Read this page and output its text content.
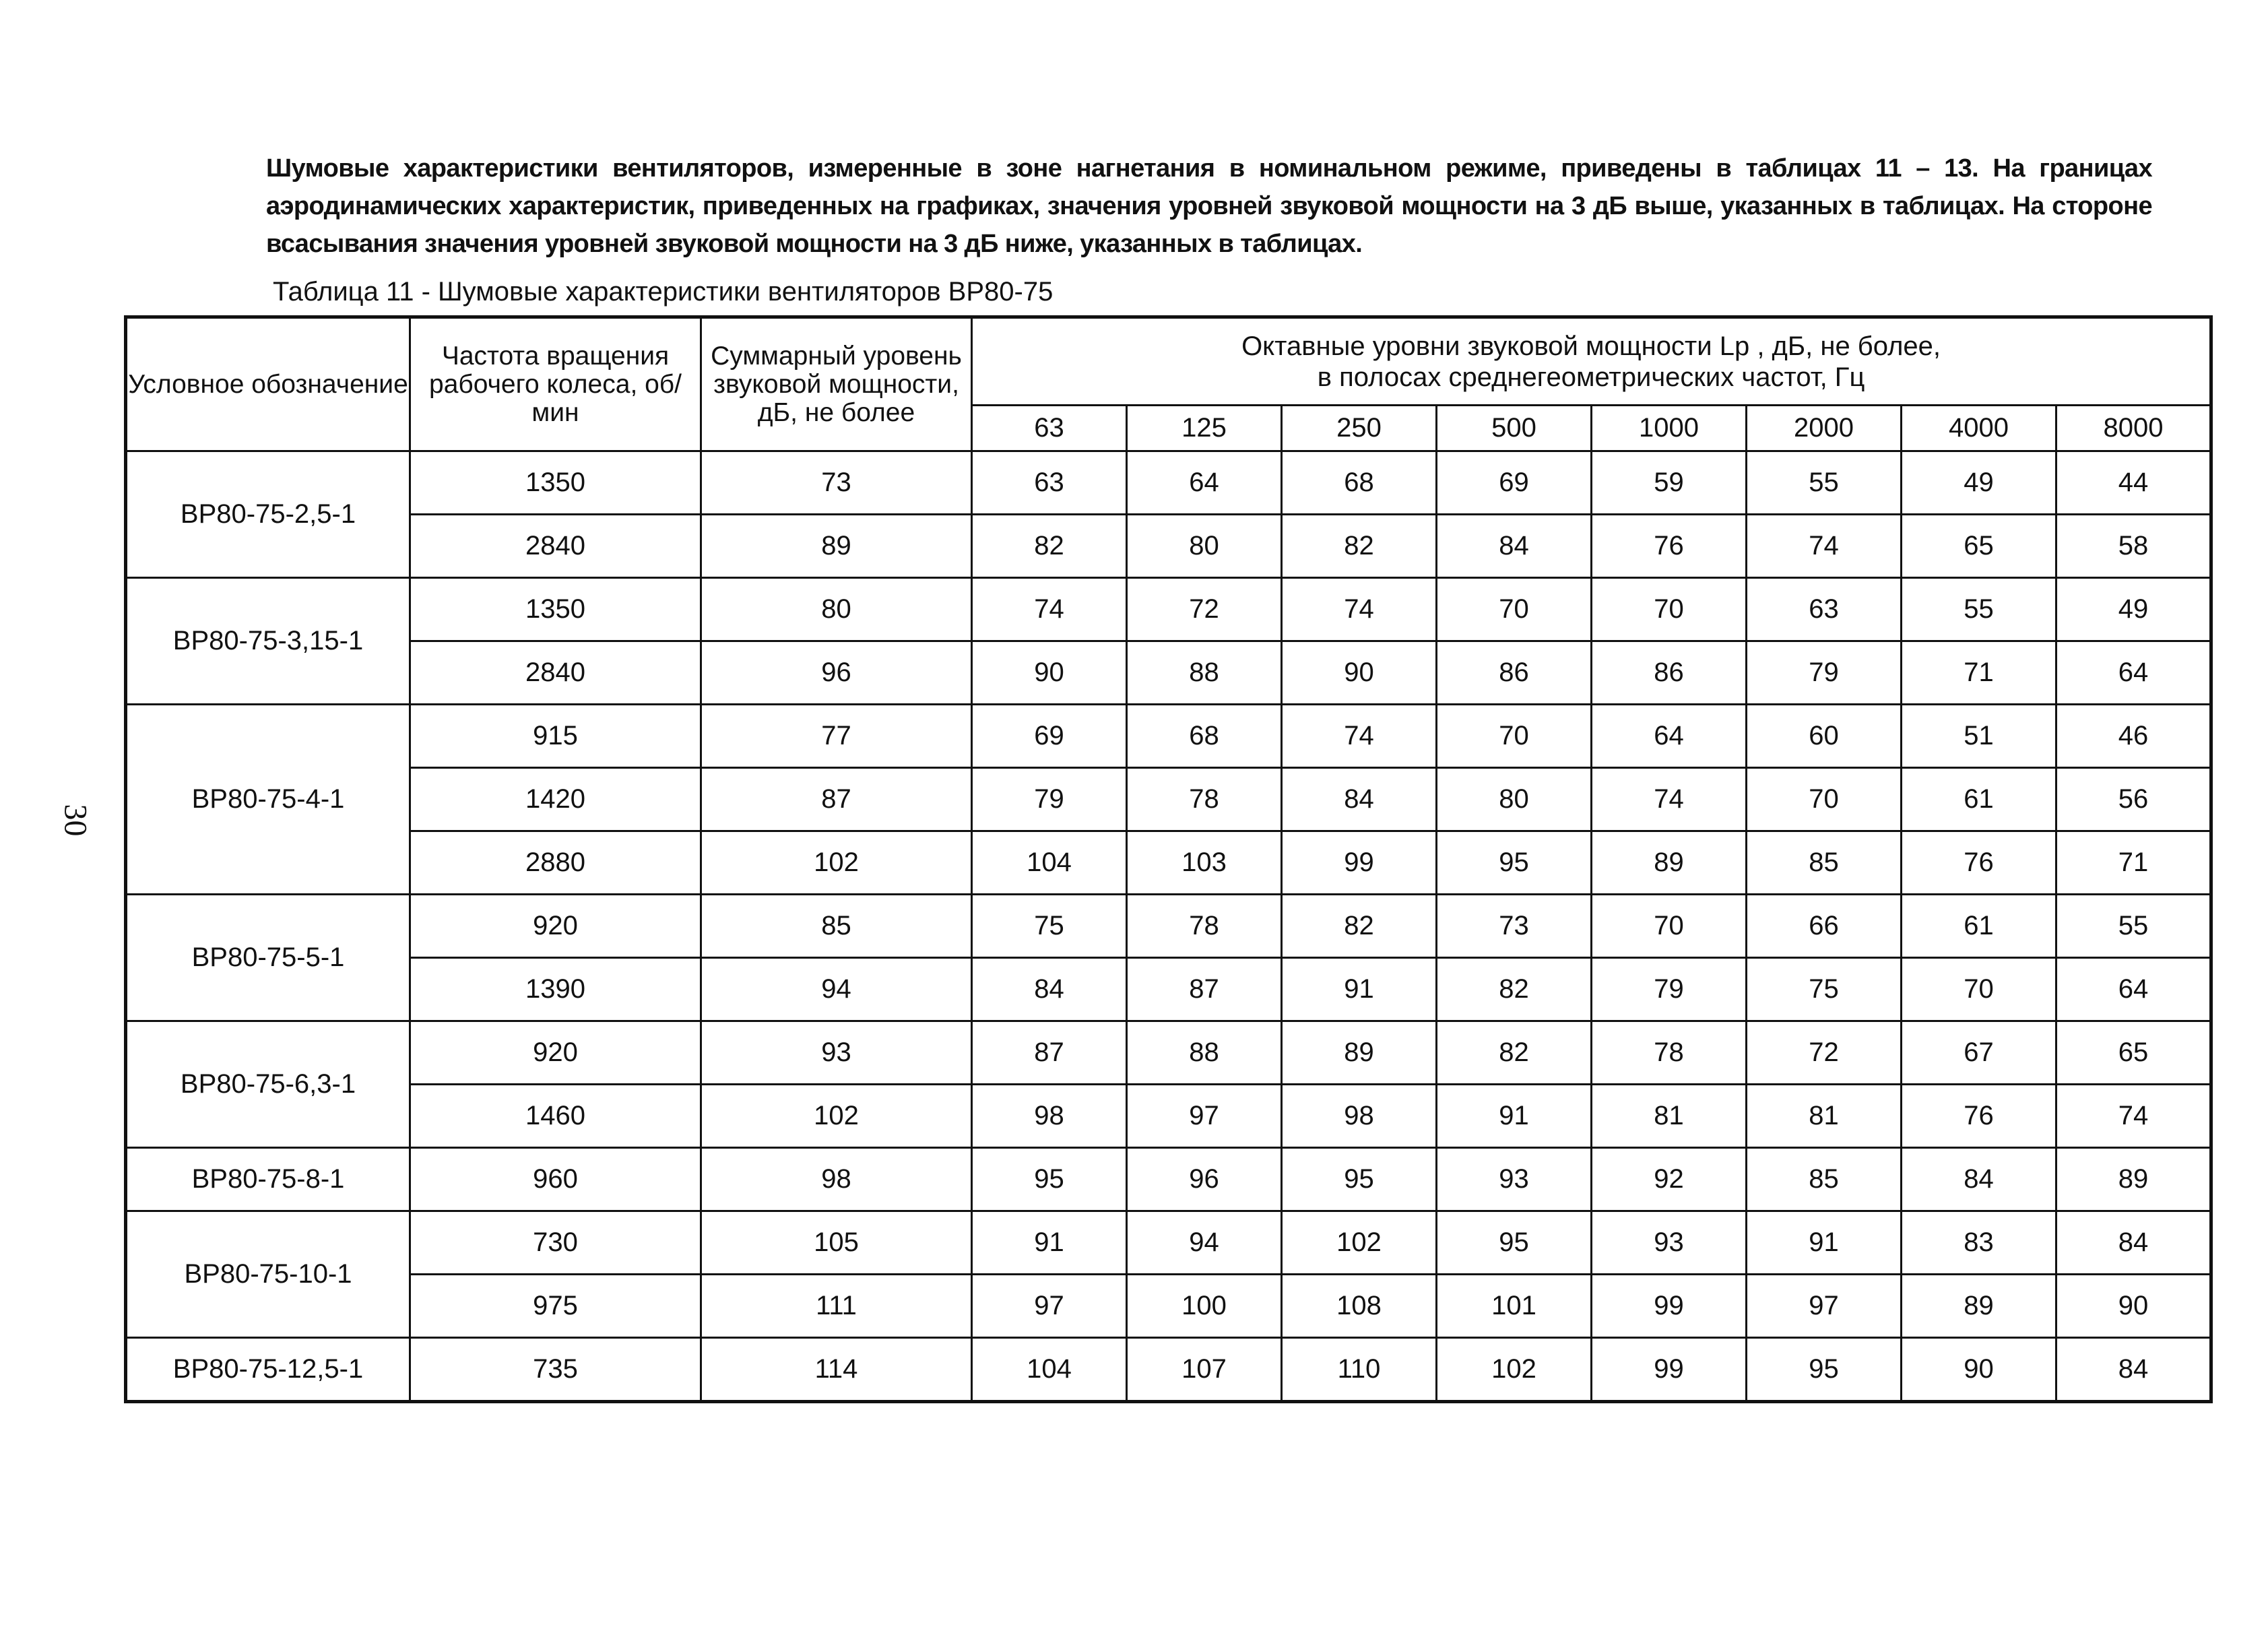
Шумовые характеристики вентиляторов, измеренные в зоне нагнетания в номинальном режиме, приведены в таблицах 11 – 13. На границах аэродинамических характеристик, приведенных на графиках, значения уровней звуковой мощности на 3 дБ выше, указанных в таблицах. На стороне всасывания значения уровней звуковой мощности на 3 дБ ниже, указанных в таблицах.
Таблица 11 - Шумовые характеристики вентиляторов ВР80-75
30
Условное обозначение	Частота вращения рабочего колеса, об/мин	Суммарный уровень звуковой мощности, дБ, не более	Октавные уровни звуковой мощности Lр , дБ, не более,
в полосах среднегеометрических частот, Гц							

			63	125	250	500	1000	2000	4000	8000
ВР80-75-2,5-1	1350	73	63	64	68	69	59	55	49	44
	2840	89	82	80	82	84	76	74	65	58
ВР80-75-3,15-1	1350	80	74	72	74	70	70	63	55	49
	2840	96	90	88	90	86	86	79	71	64
ВР80-75-4-1	915	77	69	68	74	70	64	60	51	46
	1420	87	79	78	84	80	74	70	61	56
	2880	102	104	103	99	95	89	85	76	71
ВР80-75-5-1	920	85	75	78	82	73	70	66	61	55
	1390	94	84	87	91	82	79	75	70	64
ВР80-75-6,3-1	920	93	87	88	89	82	78	72	67	65
	1460	102	98	97	98	91	81	81	76	74
ВР80-75-8-1	960	98	95	96	95	93	92	85	84	89
ВР80-75-10-1	730	105	91	94	102	95	93	91	83	84
	975	111	97	100	108	101	99	97	89	90
ВР80-75-12,5-1	735	114	104	107	110	102	99	95	90	84
